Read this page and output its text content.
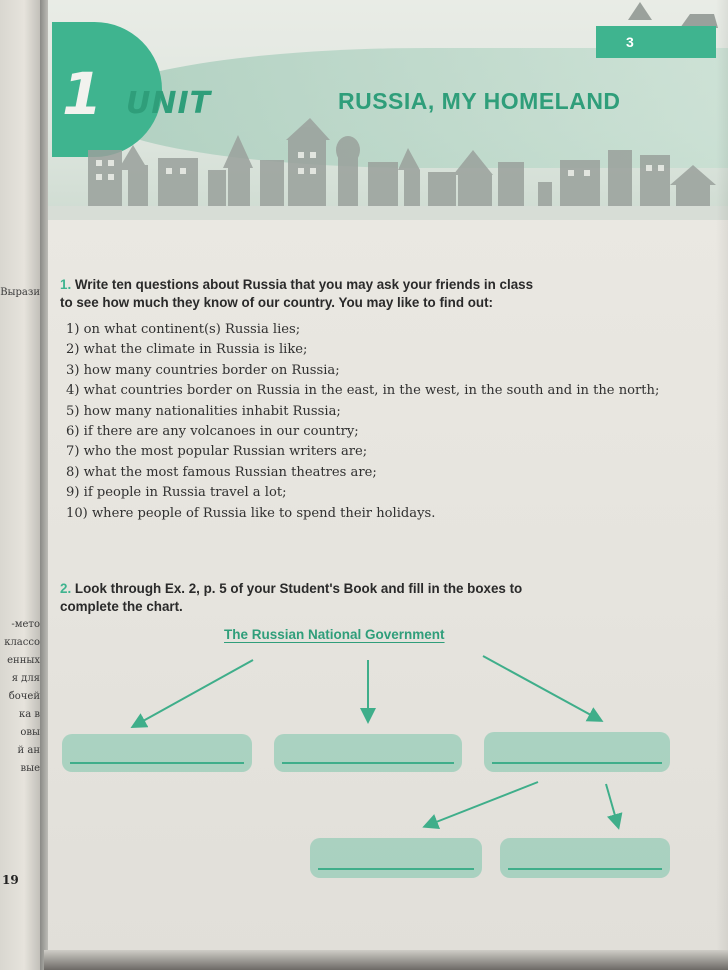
Вырази
-мето
классо
енных
я для
бочей
ка в
овы
й ан
вые
19
1 UNIT	RUSSIA, MY HOMELAND
3
1. Write ten questions about Russia that you may ask your friends in class
to see how much they know of our country. You may like to find out:
1) on what continent(s) Russia lies;
2) what the climate in Russia is like;
3) how many countries border on Russia;
4) what countries border on Russia in the east, in the west, in the south and in the north;
5) how many nationalities inhabit Russia;
6) if there are any volcanoes in our country;
7) who the most popular Russian writers are;
8) what the most famous Russian theatres are;
9) if people in Russia travel a lot;
10) where people of Russia like to spend their holidays.
2. Look through Ex. 2, p. 5 of your Student's Book and fill in the boxes to
complete the chart.
The Russian National Government
